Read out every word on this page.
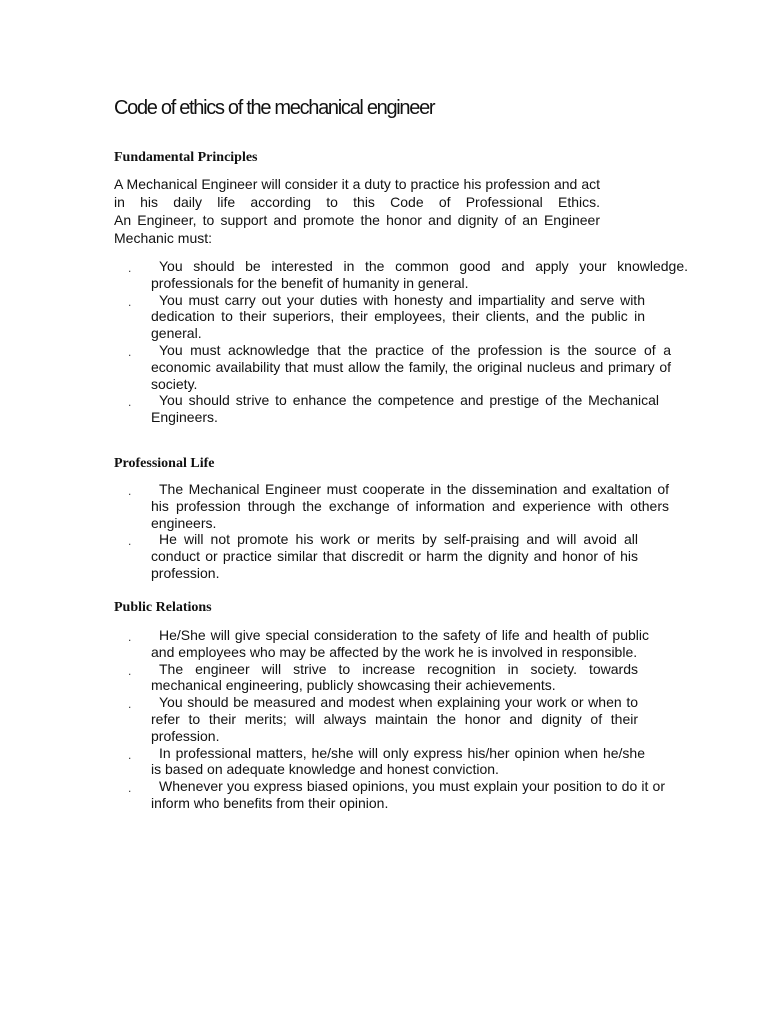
Code of ethics of the mechanical engineer
Fundamental Principles

A Mechanical Engineer will consider it a duty to practice his profession and act in his daily life according to this Code of Professional Ethics.

An Engineer, to support and promote the honor and dignity of an Engineer Mechanic must:

.	You should be interested in the common good and apply your knowledge. professionals for the benefit of humanity in general.
.	You must carry out your duties with honesty and impartiality and serve with dedication to their superiors, their employees, their clients, and the public in general.
.	You must acknowledge that the practice of the profession is the source of a economic availability that must allow the family, the original nucleus and primary of society.
.	You should strive to enhance the competence and prestige of the Mechanical Engineers.
Professional Life
.	The Mechanical Engineer must cooperate in the dissemination and exaltation of his profession through the exchange of information and experience with others engineers.
.	He will not promote his work or merits by self-praising and will avoid all conduct or practice similar that discredit or harm the dignity and honor of his profession.
Public Relations
.	He/She will give special consideration to the safety of life and health of public and employees who may be affected by the work he is involved in responsible.
.	The engineer will strive to increase recognition in society. towards mechanical engineering, publicly showcasing their achievements.
.	You should be measured and modest when explaining your work or when to refer to their merits; will always maintain the honor and dignity of their profession.
.	In professional matters, he/she will only express his/her opinion when he/she is based on adequate knowledge and honest conviction.
.	Whenever you express biased opinions, you must explain your position to do it or inform who benefits from their opinion.
